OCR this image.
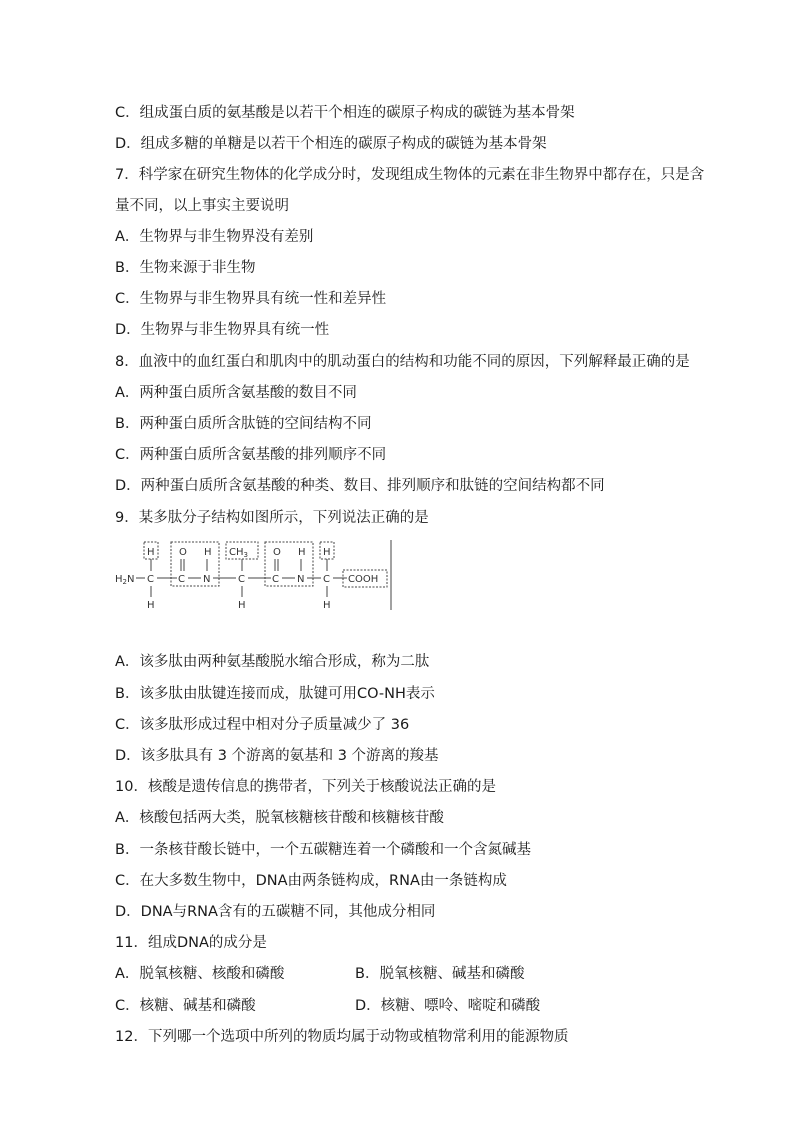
C．组成蛋白质的氨基酸是以若干个相连的碳原子构成的碳链为基本骨架
D．组成多糖的单糖是以若干个相连的碳原子构成的碳链为基本骨架
7．科学家在研究生物体的化学成分时，发现组成生物体的元素在非生物界中都存在，只是含
量不同，以上事实主要说明
A．生物界与非生物界没有差别
B．生物来源于非生物
C．生物界与非生物界具有统一性和差异性
D．生物界与非生物界具有统一性
8．血液中的血红蛋白和肌肉中的肌动蛋白的结构和功能不同的原因，下列解释最正确的是
A．两种蛋白质所含氨基酸的数目不同
B．两种蛋白质所含肽链的空间结构不同
C．两种蛋白质所含氨基酸的排列顺序不同
D．两种蛋白质所含氨基酸的种类、数目、排列顺序和肽链的空间结构都不同
9．某多肽分子结构如图所示，下列说法正确的是
H O H $CH_3$	O H H
$H_2N$ C C N	C	C N C COOH
H	H	H
A．该多肽由两种氨基酸脱水缩合形成，称为二肽
B．该多肽由肽键连接而成，肽键可用CO-NH表示
C．该多肽形成过程中相对分子质量减少了 36
D．该多肽具有 3 个游离的氨基和 3 个游离的羧基
10．核酸是遗传信息的携带者，下列关于核酸说法正确的是
A．核酸包括两大类，脱氧核糖核苷酸和核糖核苷酸
B．一条核苷酸长链中，一个五碳糖连着一个磷酸和一个含氮碱基
C．在大多数生物中，DNA由两条链构成，RNA由一条链构成
D．DNA与RNA含有的五碳糖不同，其他成分相同
11．组成DNA的成分是
A．脱氧核糖、核酸和磷酸	B．脱氧核糖、碱基和磷酸
C．核糖、碱基和磷酸	D．核糖、嘌呤、嘧啶和磷酸
12．下列哪一个选项中所列的物质均属于动物或植物常利用的能源物质
